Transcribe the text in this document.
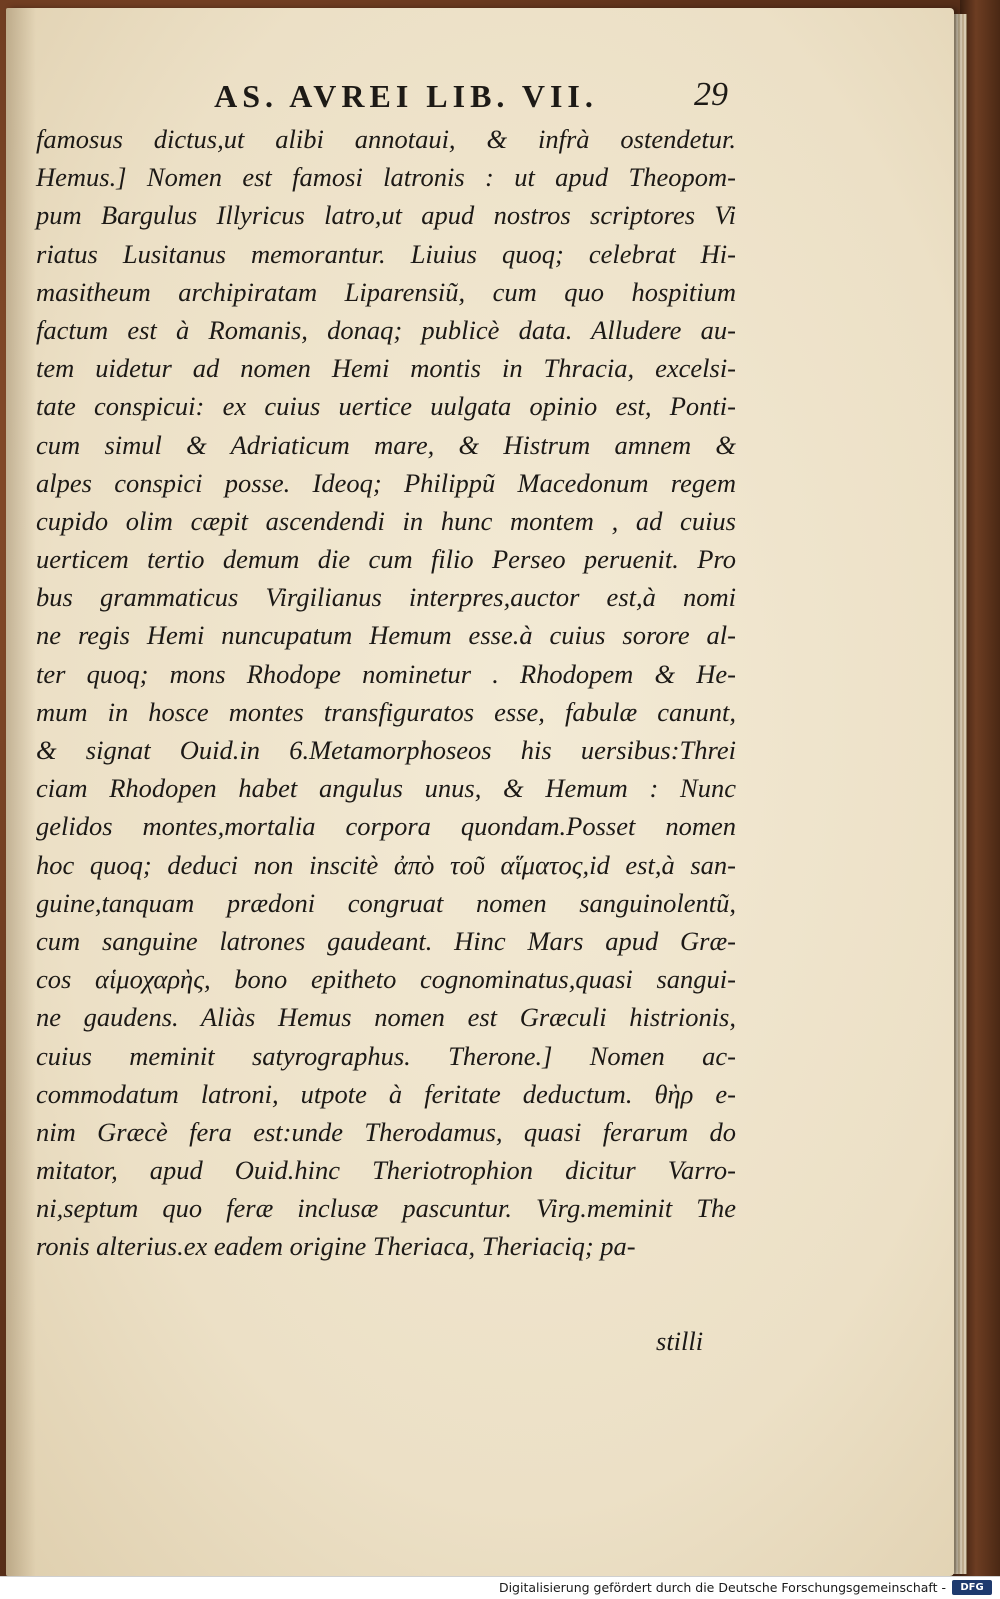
AS. AVREI LIB. VII.	29
famosus dictus,ut alibi annotaui, & infrà ostendetur.
Hemus.] Nomen est famosi latronis : ut apud Theopom-
pum Bargulus Illyricus latro,ut apud nostros scriptores Vi
riatus Lusitanus memorantur. Liuius quoq; celebrat Hi-
masitheum archipiratam Liparensiũ, cum quo hospitium
factum est à Romanis, donaq; publicè data. Alludere au-
tem uidetur ad nomen Hemi montis in Thracia, excelsi-
tate conspicui: ex cuius uertice uulgata opinio est, Ponti-
cum simul & Adriaticum mare, & Histrum amnem &
alpes conspici posse. Ideoq; Philippũ Macedonum regem
cupido olim cæpit ascendendi in hunc montem , ad cuius
uerticem tertio demum die cum filio Perseo peruenit. Pro
bus grammaticus Virgilianus interpres,auctor est,à nomi
ne regis Hemi nuncupatum Hemum esse.à cuius sorore al-
ter quoq; mons Rhodope nominetur . Rhodopem & He-
mum in hosce montes transfiguratos esse, fabulæ canunt,
& signat Ouid.in 6.Metamorphoseos his uersibus:Threi
ciam Rhodopen habet angulus unus, & Hemum : Nunc
gelidos montes,mortalia corpora quondam.Posset nomen
hoc quoq; deduci non inscitè ἀπὸ τοῦ αἵματος,id est,à san-
guine,tanquam prædoni congruat nomen sanguinolentũ,
cum sanguine latrones gaudeant. Hinc Mars apud Græ-
cos αἱμοχαρὴς, bono epitheto cognominatus,quasi sangui-
ne gaudens. Aliàs Hemus nomen est Græculi histrionis,
cuius meminit satyrographus. Therone.] Nomen ac-
commodatum latroni, utpote à feritate deductum. θὴρ e-
nim Græcè fera est:unde Therodamus, quasi ferarum do
mitator, apud Ouid.hinc Theriotrophion dicitur Varro-
ni,septum quo feræ inclusæ pascuntur. Virg.meminit The
ronis alterius.ex eadem origine Theriaca, Theriaciq; pa-
stilli
Digitalisierung gefördert durch die Deutsche Forschungsgemeinschaft -	DFG
